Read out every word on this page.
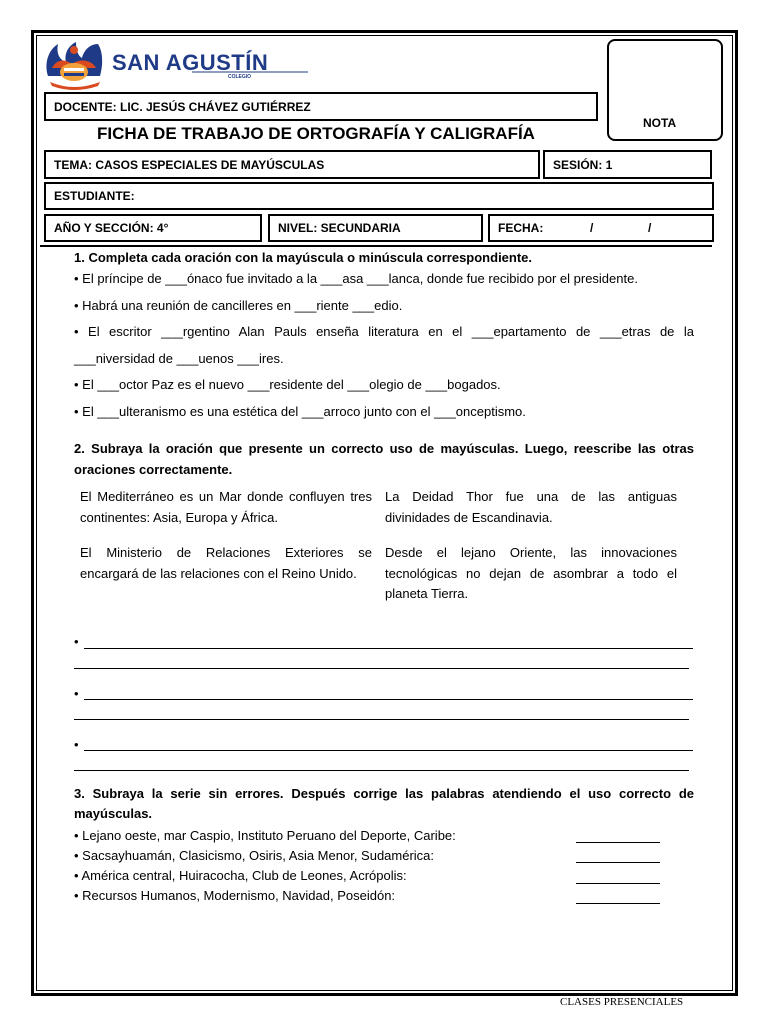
SAN AGUSTÍN
COLEGIO
DOCENTE: LIC. JESÚS CHÁVEZ GUTIÉRREZ
NOTA
FICHA DE TRABAJO DE ORTOGRAFÍA Y CALIGRAFÍA
TEMA: CASOS ESPECIALES DE MAYÚSCULAS	SESIÓN: 1
ESTUDIANTE:
AÑO Y SECCIÓN: 4°	NIVEL: SECUNDARIA	FECHA:	/	/
1. Completa cada oración con la mayúscula o minúscula correspondiente.
• El príncipe de ___ónaco fue invitado a la ___asa ___lanca, donde fue recibido por el presidente.
• Habrá una reunión de cancilleres en ___riente ___edio.
• El escritor ___rgentino Alan Pauls enseña literatura en el ___epartamento de ___etras de la
___niversidad de ___uenos ___ires.
• El ___octor Paz es el nuevo ___residente del ___olegio de ___bogados.
• El ___ulteranismo es una estética del ___arroco junto con el ___onceptismo.
2. Subraya la oración que presente un correcto uso de mayúsculas. Luego, reescribe las otras oraciones correctamente.
El Mediterráneo es un Mar donde confluyen tres continentes: Asia, Europa y África.
La Deidad Thor fue una de las antiguas divinidades de Escandinavia.
El Ministerio de Relaciones Exteriores se encargará de las relaciones con el Reino Unido.
Desde el lejano Oriente, las innovaciones tecnológicas no dejan de asombrar a todo el planeta Tierra.
•
•
•
3. Subraya la serie sin errores. Después corrige las palabras atendiendo el uso correcto de mayúsculas.
• Lejano oeste, mar Caspio, Instituto Peruano del Deporte, Caribe:
• Sacsayhuamán, Clasicismo, Osiris, Asia Menor, Sudamérica:
• América central, Huiracocha, Club de Leones, Acrópolis:
• Recursos Humanos, Modernismo, Navidad, Poseidón:
CLASES PRESENCIALES
